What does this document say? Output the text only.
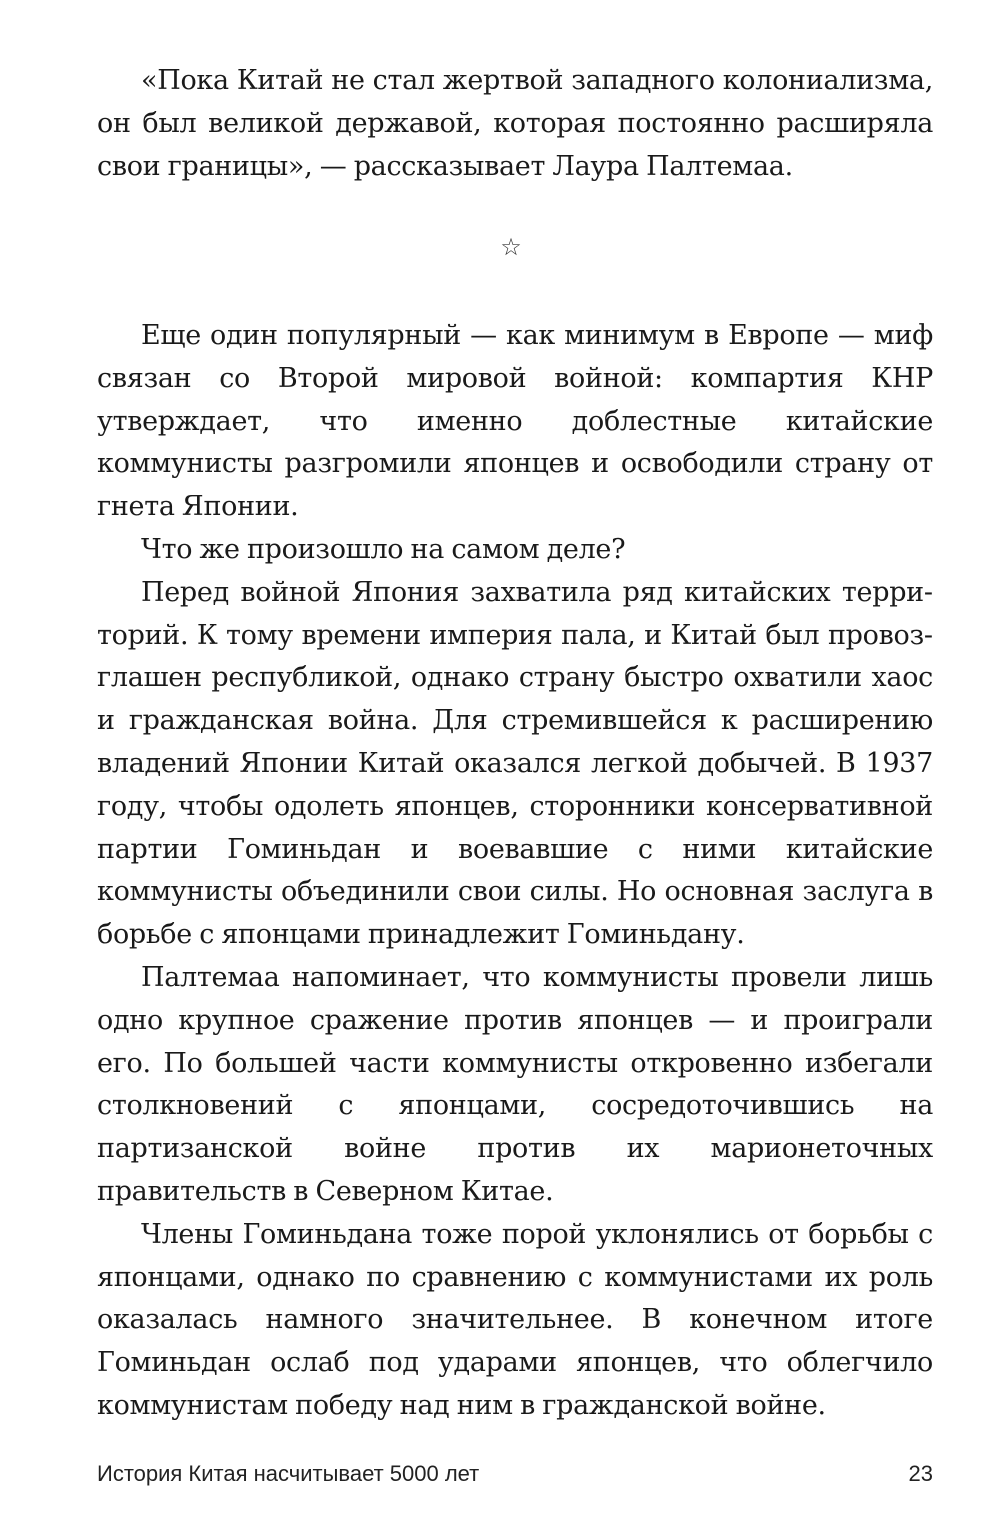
«Пока Китай не стал жертвой западного колониализма, он был великой державой, которая постоянно расширяла свои границы», — рассказывает Лаура Палтемаа.

☆

Еще один популярный — как минимум в Европе — миф связан со Второй мировой войной: компартия КНР утверждает, что именно доблестные китайские коммунисты разгромили японцев и освободили страну от гнета Японии.

Что же произошло на самом деле?

Перед войной Япония захватила ряд китайских территорий. К тому времени империя пала, и Китай был провозглашен республикой, однако страну быстро охватили хаос и гражданская война. Для стремившейся к расширению владений Японии Китай оказался легкой добычей. В 1937 году, чтобы одолеть японцев, сторонники консервативной партии Гоминьдан и воевавшие с ними китайские коммунисты объединили свои силы. Но основная заслуга в борьбе с японцами принадлежит Гоминьдану.

Палтемаа напоминает, что коммунисты провели лишь одно крупное сражение против японцев — и проиграли его. По большей части коммунисты откровенно избегали столкновений с японцами, сосредоточившись на партизанской войне против их марионеточных правительств в Северном Китае.

Члены Гоминьдана тоже порой уклонялись от борьбы с японцами, однако по сравнению с коммунистами их роль оказалась намного значительнее. В конечном итоге Гоминьдан ослаб под ударами японцев, что облегчило коммунистам победу над ним в гражданской войне.

История Китая насчитывает 5000 лет	23
